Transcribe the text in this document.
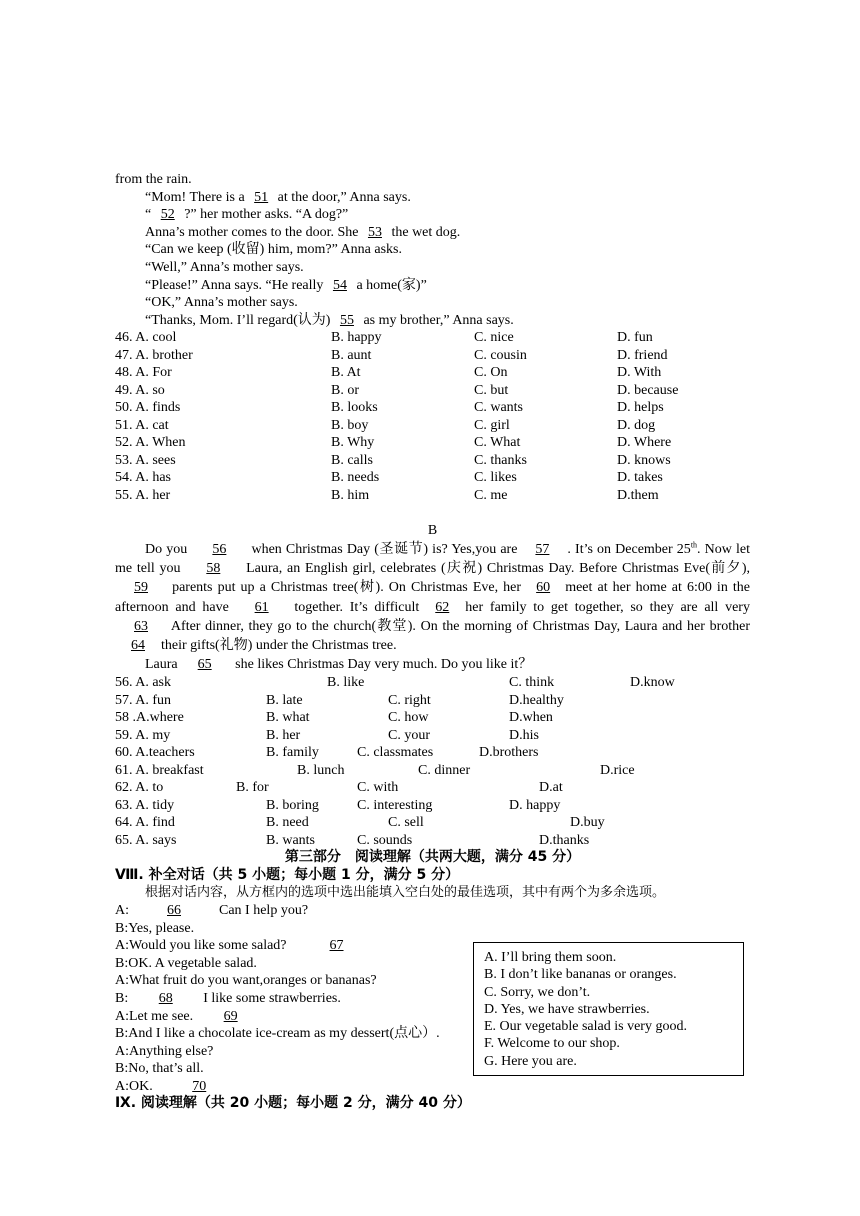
from the rain.
“Mom! There is a 51 at the door,” Anna says.
“ 52 ?” her mother asks. “A dog?”
Anna’s mother comes to the door. She 53 the wet dog.
“Can we keep (收留) him, mom?” Anna asks.
“Well,” Anna’s mother says.
“Please!” Anna says. “He really 54 a home(家)”
“OK,” Anna’s mother says.
“Thanks, Mom. I’ll regard(认为) 55 as my brother,” Anna says.
46. A. cool	B. happy	C. nice	D. fun
47. A. brother	B. aunt	C. cousin	D. friend
48. A. For	B. At	C. On	D. With
49. A. so	B. or	C. but	D. because
50. A. finds	B. looks	C. wants	D. helps
51. A. cat	B. boy	C. girl	D. dog
52. A. When	B. Why	C. What	D. Where
53. A. sees	B. calls	C. thanks	D. knows
54. A. has	B. needs	C. likes	D. takes
55. A. her	B. him	C. me	D.them
B
Do you 56 when Christmas Day (圣诞节) is? Yes,you are 57 . It’s on December 25th. Now let me tell you 58 Laura, an English girl, celebrates (庆祝) Christmas Day. Before Christmas Eve(前夕), 59 parents put up a Christmas tree(树). On Christmas Eve, her 60 meet at her home at 6:00 in the afternoon and have 61 together. It’s difficult 62 her family to get together, so they are all very 63 After dinner, they go to the church(教堂). On the morning of Christmas Day, Laura and her brother 64 their gifts(礼物) under the Christmas tree.
Laura 65 she likes Christmas Day very much. Do you like it？
56. A. ask	B. like	C. think	D.know
57. A. fun	B. late	C. right	D.healthy
58 .A.where	B. what	C. how	D.when
59. A. my	B. her	C. your	D.his
60. A.teachers	B. family	C. classmates	D.brothers
61. A. breakfast	B. lunch	C. dinner	D.rice
62. A. to	B. for	C. with	D.at
63. A. tidy	B. boring	C. interesting	D. happy
64. A. find	B. need	C. sell	D.buy
65. A. says	B. wants	C. sounds	D.thanks
第三部分　阅读理解（共两大题，满分 45 分）
Ⅷ. 补全对话（共 5 小题；每小题 1 分，满分 5 分）
根据对话内容，从方框内的选项中选出能填入空白处的最佳选项，其中有两个为多余选项。
A:	66	Can I help you?
B:Yes, please.
A:Would you like some salad?	67
B:OK. A vegetable salad.
A:What fruit do you want,oranges or bananas?
B: 68 I like some strawberries.
A:Let me see. 69
B:And I like a chocolate ice-cream as my dessert(点心）.
A:Anything else?
B:No, that’s all.
A:OK.	70
Ⅸ. 阅读理解（共 20 小题；每小题 2 分，满分 40 分）
A. I’ll bring them soon.
B. I don’t like bananas or oranges.
C. Sorry, we don’t.
D. Yes, we have strawberries.
E. Our vegetable salad is very good.
F. Welcome to our shop.
G. Here you are.
